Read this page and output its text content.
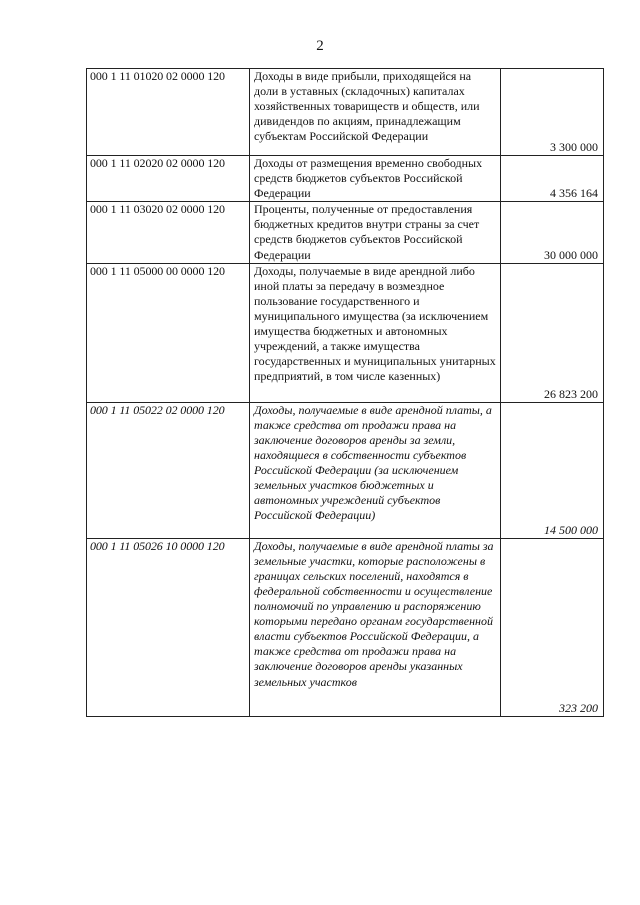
2
000 1 11 01020 02 0000 120	Доходы в виде прибыли, приходящейся на доли в уставных (складочных) капиталах хозяйственных товариществ и обществ, или дивидендов по акциям, принадлежащим субъектам Российской Федерации	3 300 000
000 1 11 02020 02 0000 120	Доходы от размещения временно свободных средств бюджетов субъектов Российской Федерации	4 356 164
000 1 11 03020 02 0000 120	Проценты, полученные от предоставления бюджетных кредитов внутри страны за счет средств бюджетов субъектов Российской Федерации	30 000 000
000 1 11 05000 00 0000 120	Доходы, получаемые в виде арендной либо иной платы за передачу в возмездное пользование государственного и муниципального имущества (за исключением имущества бюджетных и автономных учреждений, а также имущества государственных и муниципальных унитарных предприятий, в том числе казенных)	26 823 200
000 1 11 05022 02 0000 120	Доходы, получаемые в виде арендной платы, а также средства от продажи права на заключение договоров аренды за земли, находящиеся в собственности субъектов Российской Федерации (за исключением земельных участков бюджетных и автономных учреждений субъектов Российской Федерации)	14 500 000
000 1 11 05026 10 0000 120	Доходы, получаемые в виде арендной платы за земельные участки, которые расположены в границах сельских поселений, находятся в федеральной собственности и осуществление полномочий по управлению и распоряжению которыми передано органам государственной власти субъектов Российской Федерации, а также средства от продажи права на заключение договоров аренды указанных земельных участков	323 200
